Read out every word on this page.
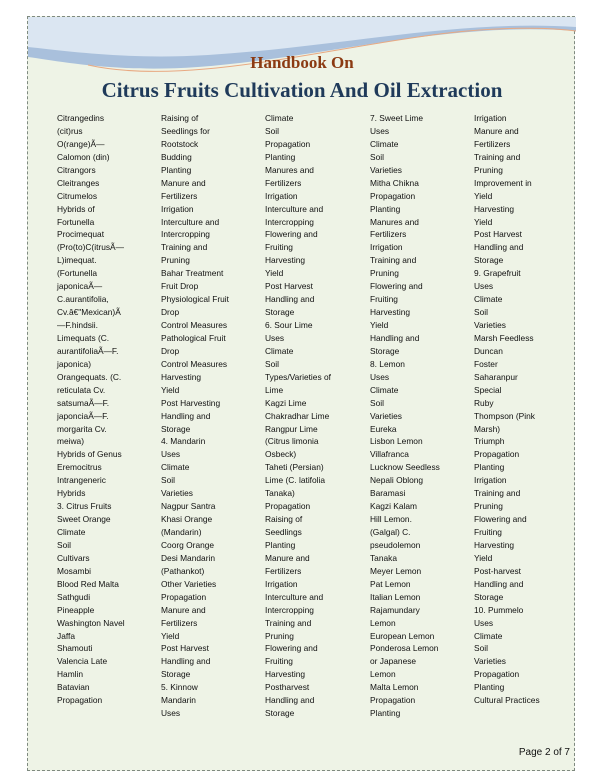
Handbook On
Citrus Fruits Cultivation And Oil Extraction
Citrangedins
(cit)rus
O(range)Ã—
Calomon (din)
Citrangors
Cleitranges
Citrumelos
Hybrids of
Fortunella
Procimequat
(Pro(to)C(itrusÃ—
L)imequat.
(Fortunella
japonicaÃ—
C.aurantifolia,
Cv.â€"Mexican)Ã
—F.hindsii.
Limequats (C.
aurantifoliaÃ—F.
japonica)
Orangequats. (C.
reticulata Cv.
satsumaÃ—F.
japonciaÃ—F.
morgarita Cv.
meiwa)
Hybrids of Genus
Eremocitrus
Intrangeneric
Hybrids
3. Citrus Fruits
Sweet Orange
Climate
Soil
Cultivars
Mosambi
Blood Red Malta
Sathgudi
Pineapple
Washington Navel
Jaffa
Shamouti
Valencia Late
Hamlin
Batavian
Propagation
Raising of
Seedlings for
Rootstock
Budding
Planting
Manure and
Fertilizers
Irrigation
Interculture and
Intercropping
Training and
Pruning
Bahar Treatment
Fruit Drop
Physiological Fruit
Drop
Control Measures
Pathological Fruit
Drop
Control Measures
Harvesting
Yield
Post Harvesting
Handling and
Storage
4. Mandarin
Uses
Climate
Soil
Varieties
Nagpur Santra
Khasi Orange
(Mandarin)
Coorg Orange
Desi Mandarin
(Pathankot)
Other Varieties
Propagation
Manure and
Fertilizers
Yield
Post Harvest
Handling and
Storage
5. Kinnow
Mandarin
Uses
Climate
Soil
Propagation
Planting
Manures and
Fertilizers
Irrigation
Interculture and
Intercropping
Flowering and
Fruiting
Harvesting
Yield
Post Harvest
Handling and
Storage
6. Sour Lime
Uses
Climate
Soil
Types/Varieties of
Lime
Kagzi Lime
Chakradhar Lime
Rangpur Lime
(Citrus limonia
Osbeck)
Taheti (Persian)
Lime (C. latifolia
Tanaka)
Propagation
Raising of
Seedlings
Planting
Manure and
Fertilizers
Irrigation
Interculture and
Intercropping
Training and
Pruning
Flowering and
Fruiting
Harvesting
Postharvest
Handling and
Storage
7. Sweet Lime
Uses
Climate
Soil
Varieties
Mitha Chikna
Propagation
Planting
Manures and
Fertilizers
Irrigation
Training and
Pruning
Flowering and
Fruiting
Harvesting
Yield
Handling and
Storage
8. Lemon
Uses
Climate
Soil
Varieties
Eureka
Lisbon Lemon
Villafranca
Lucknow Seedless
Nepali Oblong
Baramasi
Kagzi Kalam
Hill Lemon.
(Galgal) C.
pseudolemon
Tanaka
Meyer Lemon
Pat Lemon
Italian Lemon
Rajamundary
Lemon
European Lemon
Ponderosa Lemon
or Japanese
Lemon
Malta Lemon
Propagation
Planting
Irrigation
Manure and
Fertilizers
Training and
Pruning
Improvement in
Yield
Harvesting
Yield
Post Harvest
Handling and
Storage
9. Grapefruit
Uses
Climate
Soil
Varieties
Marsh Feedless
Duncan
Foster
Saharanpur
Special
Ruby
Thompson (Pink
Marsh)
Triumph
Propagation
Planting
Irrigation
Training and
Pruning
Flowering and
Fruiting
Harvesting
Yield
Post-harvest
Handling and
Storage
10. Pummelo
Uses
Climate
Soil
Varieties
Propagation
Planting
Cultural Practices
Page 2 of 7
